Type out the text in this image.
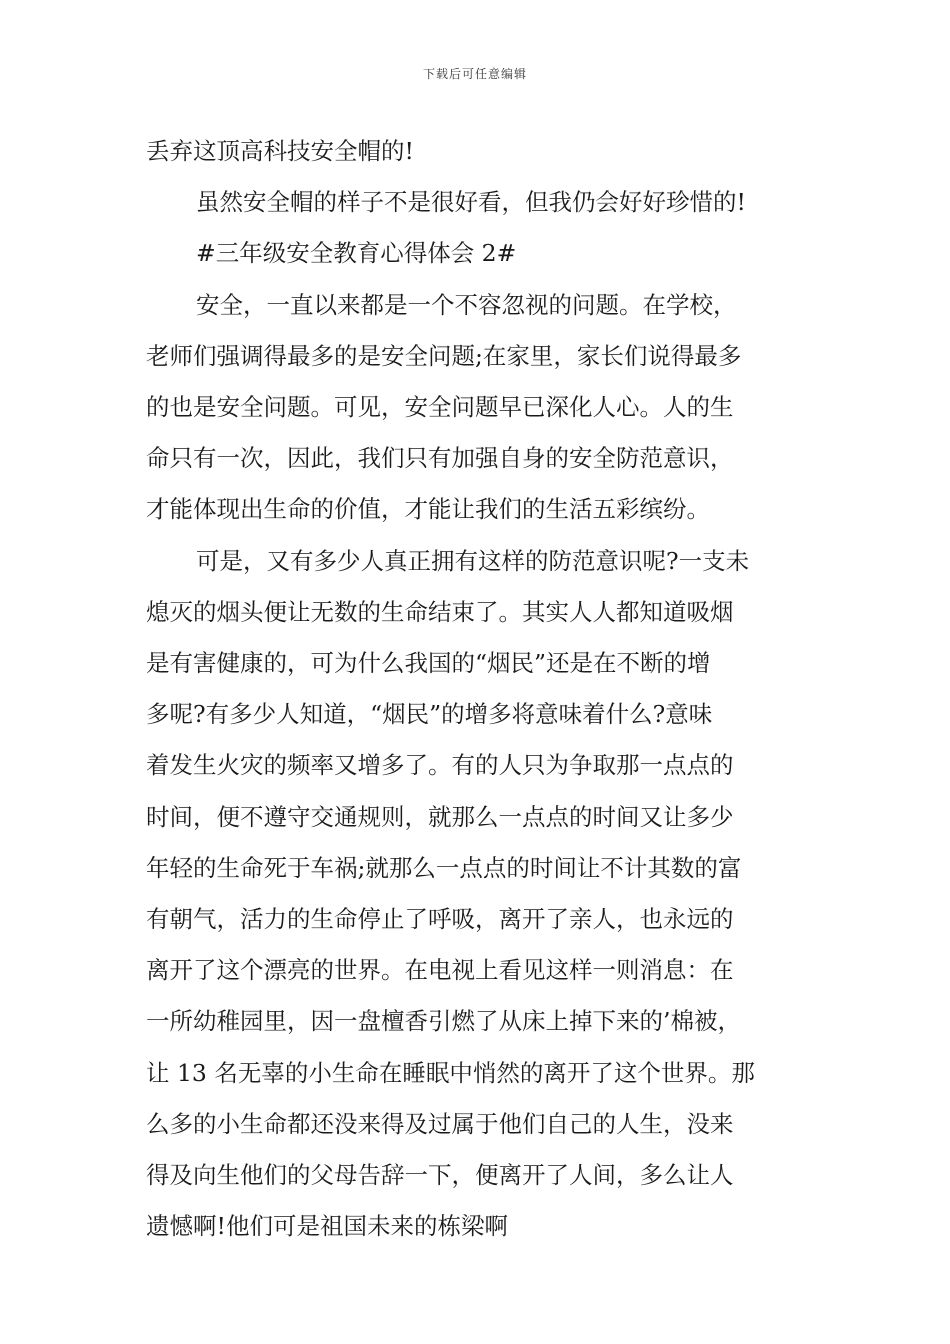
下载后可任意编辑

丢弃这顶高科技安全帽的!

虽然安全帽的样子不是很好看，但我仍会好好珍惜的!

#三年级安全教育心得体会 2#

安全，一直以来都是一个不容忽视的问题。在学校，

老师们强调得最多的是安全问题;在家里，家长们说得最多

的也是安全问题。可见，安全问题早已深化人心。人的生

命只有一次，因此，我们只有加强自身的安全防范意识，

才能体现出生命的价值，才能让我们的生活五彩缤纷。

可是，又有多少人真正拥有这样的防范意识呢?一支未

熄灭的烟头便让无数的生命结束了。其实人人都知道吸烟

是有害健康的，可为什么我国的“烟民”还是在不断的增

多呢?有多少人知道，“烟民”的增多将意味着什么?意味

着发生火灾的频率又增多了。有的人只为争取那一点点的

时间，便不遵守交通规则，就那么一点点的时间又让多少

年轻的生命死于车祸;就那么一点点的时间让不计其数的富

有朝气，活力的生命停止了呼吸，离开了亲人，也永远的

离开了这个漂亮的世界。在电视上看见这样一则消息：在

一所幼稚园里，因一盘檀香引燃了从床上掉下来的’棉被，

让 13 名无辜的小生命在睡眠中悄然的离开了这个世界。那

么多的小生命都还没来得及过属于他们自己的人生，没来

得及向生他们的父母告辞一下，便离开了人间，多么让人

遗憾啊!他们可是祖国未来的栋梁啊
